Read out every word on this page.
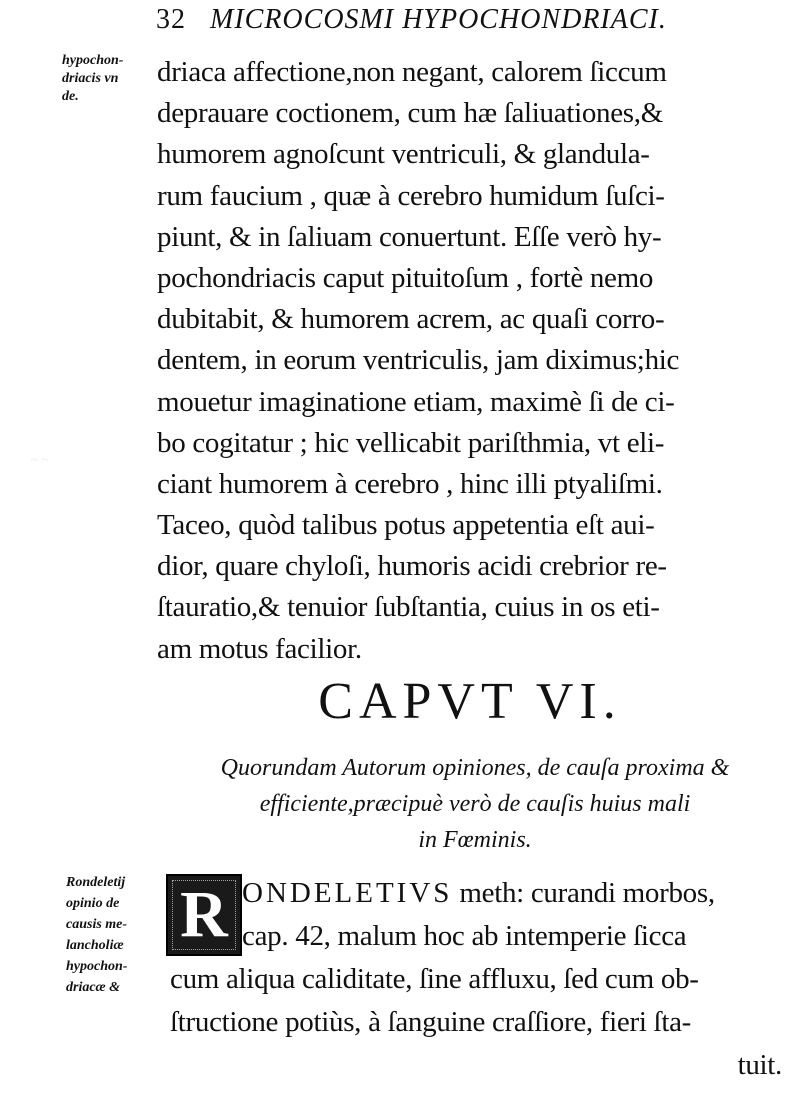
~ ~
32 MICROCOSMI HYPOCHONDRIACI.
hypochon-
driacis vn
de.
driaca affectione,non negant, calorem ſiccum
deprauare coctionem, cum hæ ſaliuationes,&
humorem agnoſcunt ventriculi, & glandula-
rum faucium , quæ à cerebro humidum ſuſci-
piunt, & in ſaliuam conuertunt. Eſſe verò hy-
pochondriacis caput pituitoſum , fortè nemo
dubitabit, & humorem acrem, ac quaſi corro-
dentem, in eorum ventriculis, jam diximus;hic
mouetur imaginatione etiam, maximè ſi de ci-
bo cogitatur ; hic vellicabit pariſthmia, vt eli-
ciant humorem à cerebro , hinc illi ptyaliſmi.
Taceo, quòd talibus potus appetentia eſt aui-
dior, quare chyloſi, humoris acidi crebrior re-
ſtauratio,& tenuior ſubſtantia, cuius in os eti-
am motus facilior.
CAPVT VI.
Quorundam Autorum opiniones, de cauſa proxima &
efficiente,præcipuè verò de cauſis huius mali
in Fœminis.
Rondeletij
opinio de
causis me-
lancholiæ
hypochon-
driacæ &
R ONDELETIVS meth: curandi morbos,
cap. 42, malum hoc ab intemperie ſicca
cum aliqua caliditate, ſine affluxu, ſed cum ob-
ſtructione potiùs, à ſanguine craſſiore, fieri ſta-
tuit.
